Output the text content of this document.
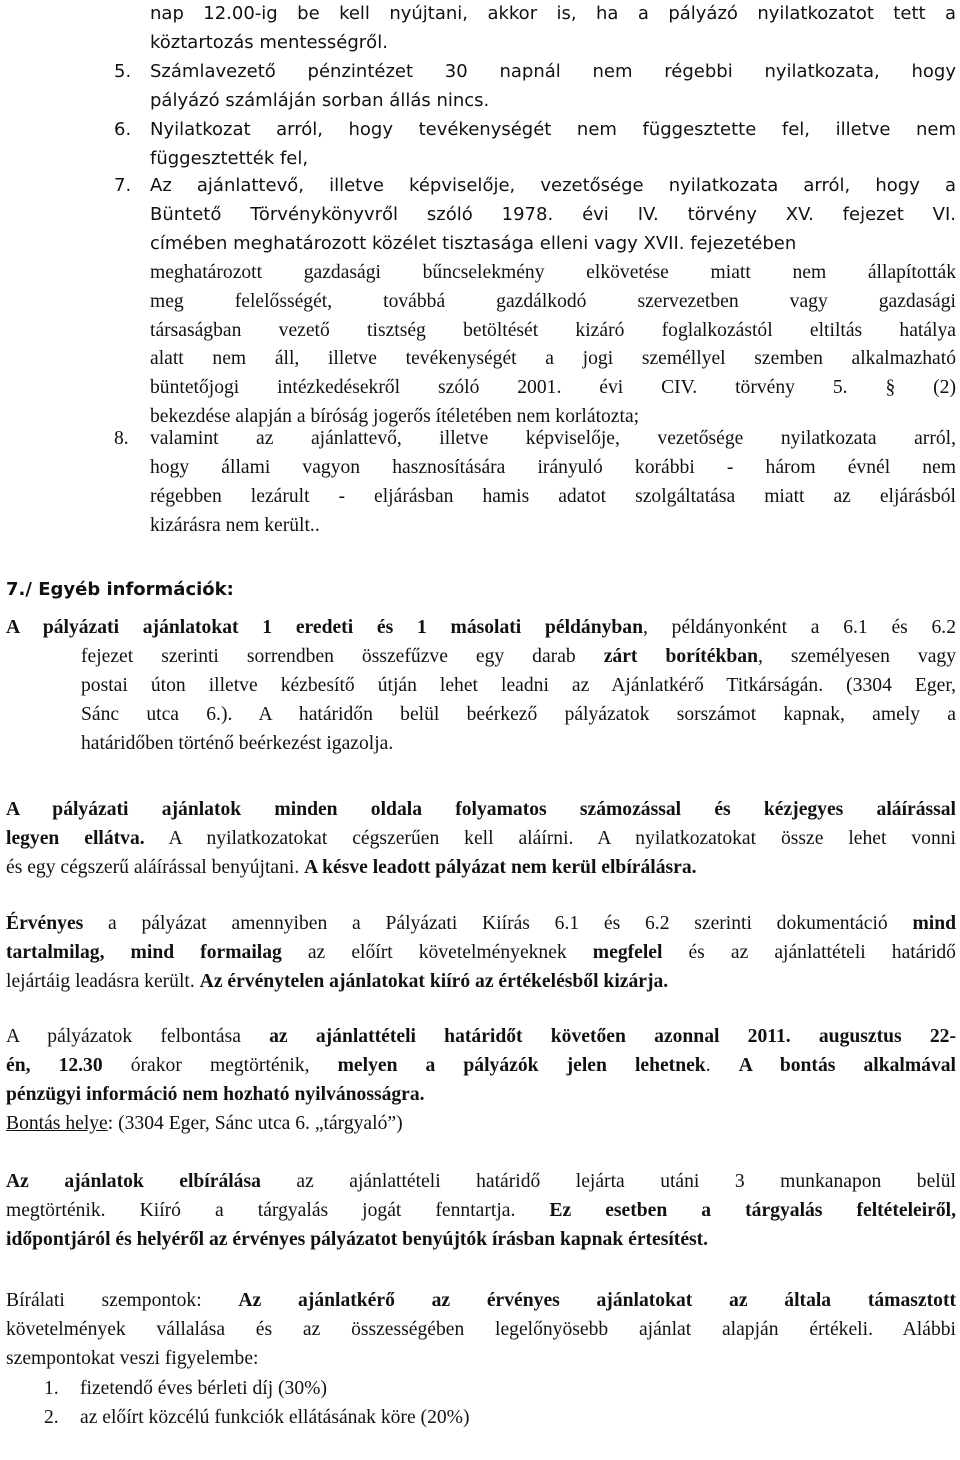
nap 12.00-ig be kell nyújtani, akkor is, ha a pályázó nyilatkozatot tett a
köztartozás mentességről.
5. Számlavezető pénzintézet 30 napnál nem régebbi nyilatkozata, hogy
pályázó számláján sorban állás nincs.
6. Nyilatkozat arról, hogy tevékenységét nem függesztette fel, illetve nem
függesztették fel,
7. Az ajánlattevő, illetve képviselője, vezetősége nyilatkozata arról, hogy a
Büntető Törvénykönyvről szóló 1978. évi IV. törvény XV. fejezet VI.
címében meghatározott közélet tisztasága elleni vagy XVII. fejezetében
meghatározott gazdasági bűncselekmény elkövetése miatt nem állapították
meg felelősségét, továbbá gazdálkodó szervezetben vagy gazdasági
társaságban vezető tisztség betöltését kizáró foglalkozástól eltiltás hatálya
alatt nem áll, illetve tevékenységét a jogi személlyel szemben alkalmazható
büntetőjogi intézkedésekről szóló 2001. évi CIV. törvény 5. § (2)
bekezdése alapján a bíróság jogerős ítéletében nem korlátozta;
8. valamint az ajánlattevő, illetve képviselője, vezetősége nyilatkozata arról,
hogy állami vagyon hasznosítására irányuló korábbi - három évnél nem
régebben lezárult - eljárásban hamis adatot szolgáltatása miatt az eljárásból
kizárásra nem került..
7./ Egyéb információk:
A pályázati ajánlatokat 1 eredeti és 1 másolati példányban, példányonként a 6.1 és 6.2
fejezet szerinti sorrendben összefűzve egy darab zárt borítékban, személyesen vagy
postai úton illetve kézbesítő útján lehet leadni az Ajánlatkérő Titkárságán. (3304 Eger,
Sánc utca 6.). A határidőn belül beérkező pályázatok sorszámot kapnak, amely a
határidőben történő beérkezést igazolja.
A pályázati ajánlatok minden oldala folyamatos számozással és kézjegyes aláírással
legyen ellátva. A nyilatkozatokat cégszerűen kell aláírni. A nyilatkozatokat össze lehet vonni
és egy cégszerű aláírással benyújtani. A késve leadott pályázat nem kerül elbírálásra.
Érvényes a pályázat amennyiben a Pályázati Kiírás 6.1 és 6.2 szerinti dokumentáció mind
tartalmilag, mind formailag az előírt követelményeknek megfelel és az ajánlattételi határidő
lejártáig leadásra került. Az érvénytelen ajánlatokat kiíró az értékelésből kizárja.
A pályázatok felbontása az ajánlattételi határidőt követően azonnal 2011. augusztus 22-
én, 12.30 órakor megtörténik, melyen a pályázók jelen lehetnek. A bontás alkalmával
pénzügyi információ nem hozható nyilvánosságra.
Bontás helye: (3304 Eger, Sánc utca 6. „tárgyaló”)
Az ajánlatok elbírálása az ajánlattételi határidő lejárta utáni 3 munkanapon belül
megtörténik. Kiíró a tárgyalás jogát fenntartja. Ez esetben a tárgyalás feltételeiről,
időpontjáról és helyéről az érvényes pályázatot benyújtók írásban kapnak értesítést.
Bírálati szempontok: Az ajánlatkérő az érvényes ajánlatokat az általa támasztott
követelmények vállalása és az összességében legelőnyösebb ajánlat alapján értékeli. Alábbi
szempontokat veszi figyelembe:
1. fizetendő éves bérleti díj (30%)
2. az előírt közcélú funkciók ellátásának köre (20%)
